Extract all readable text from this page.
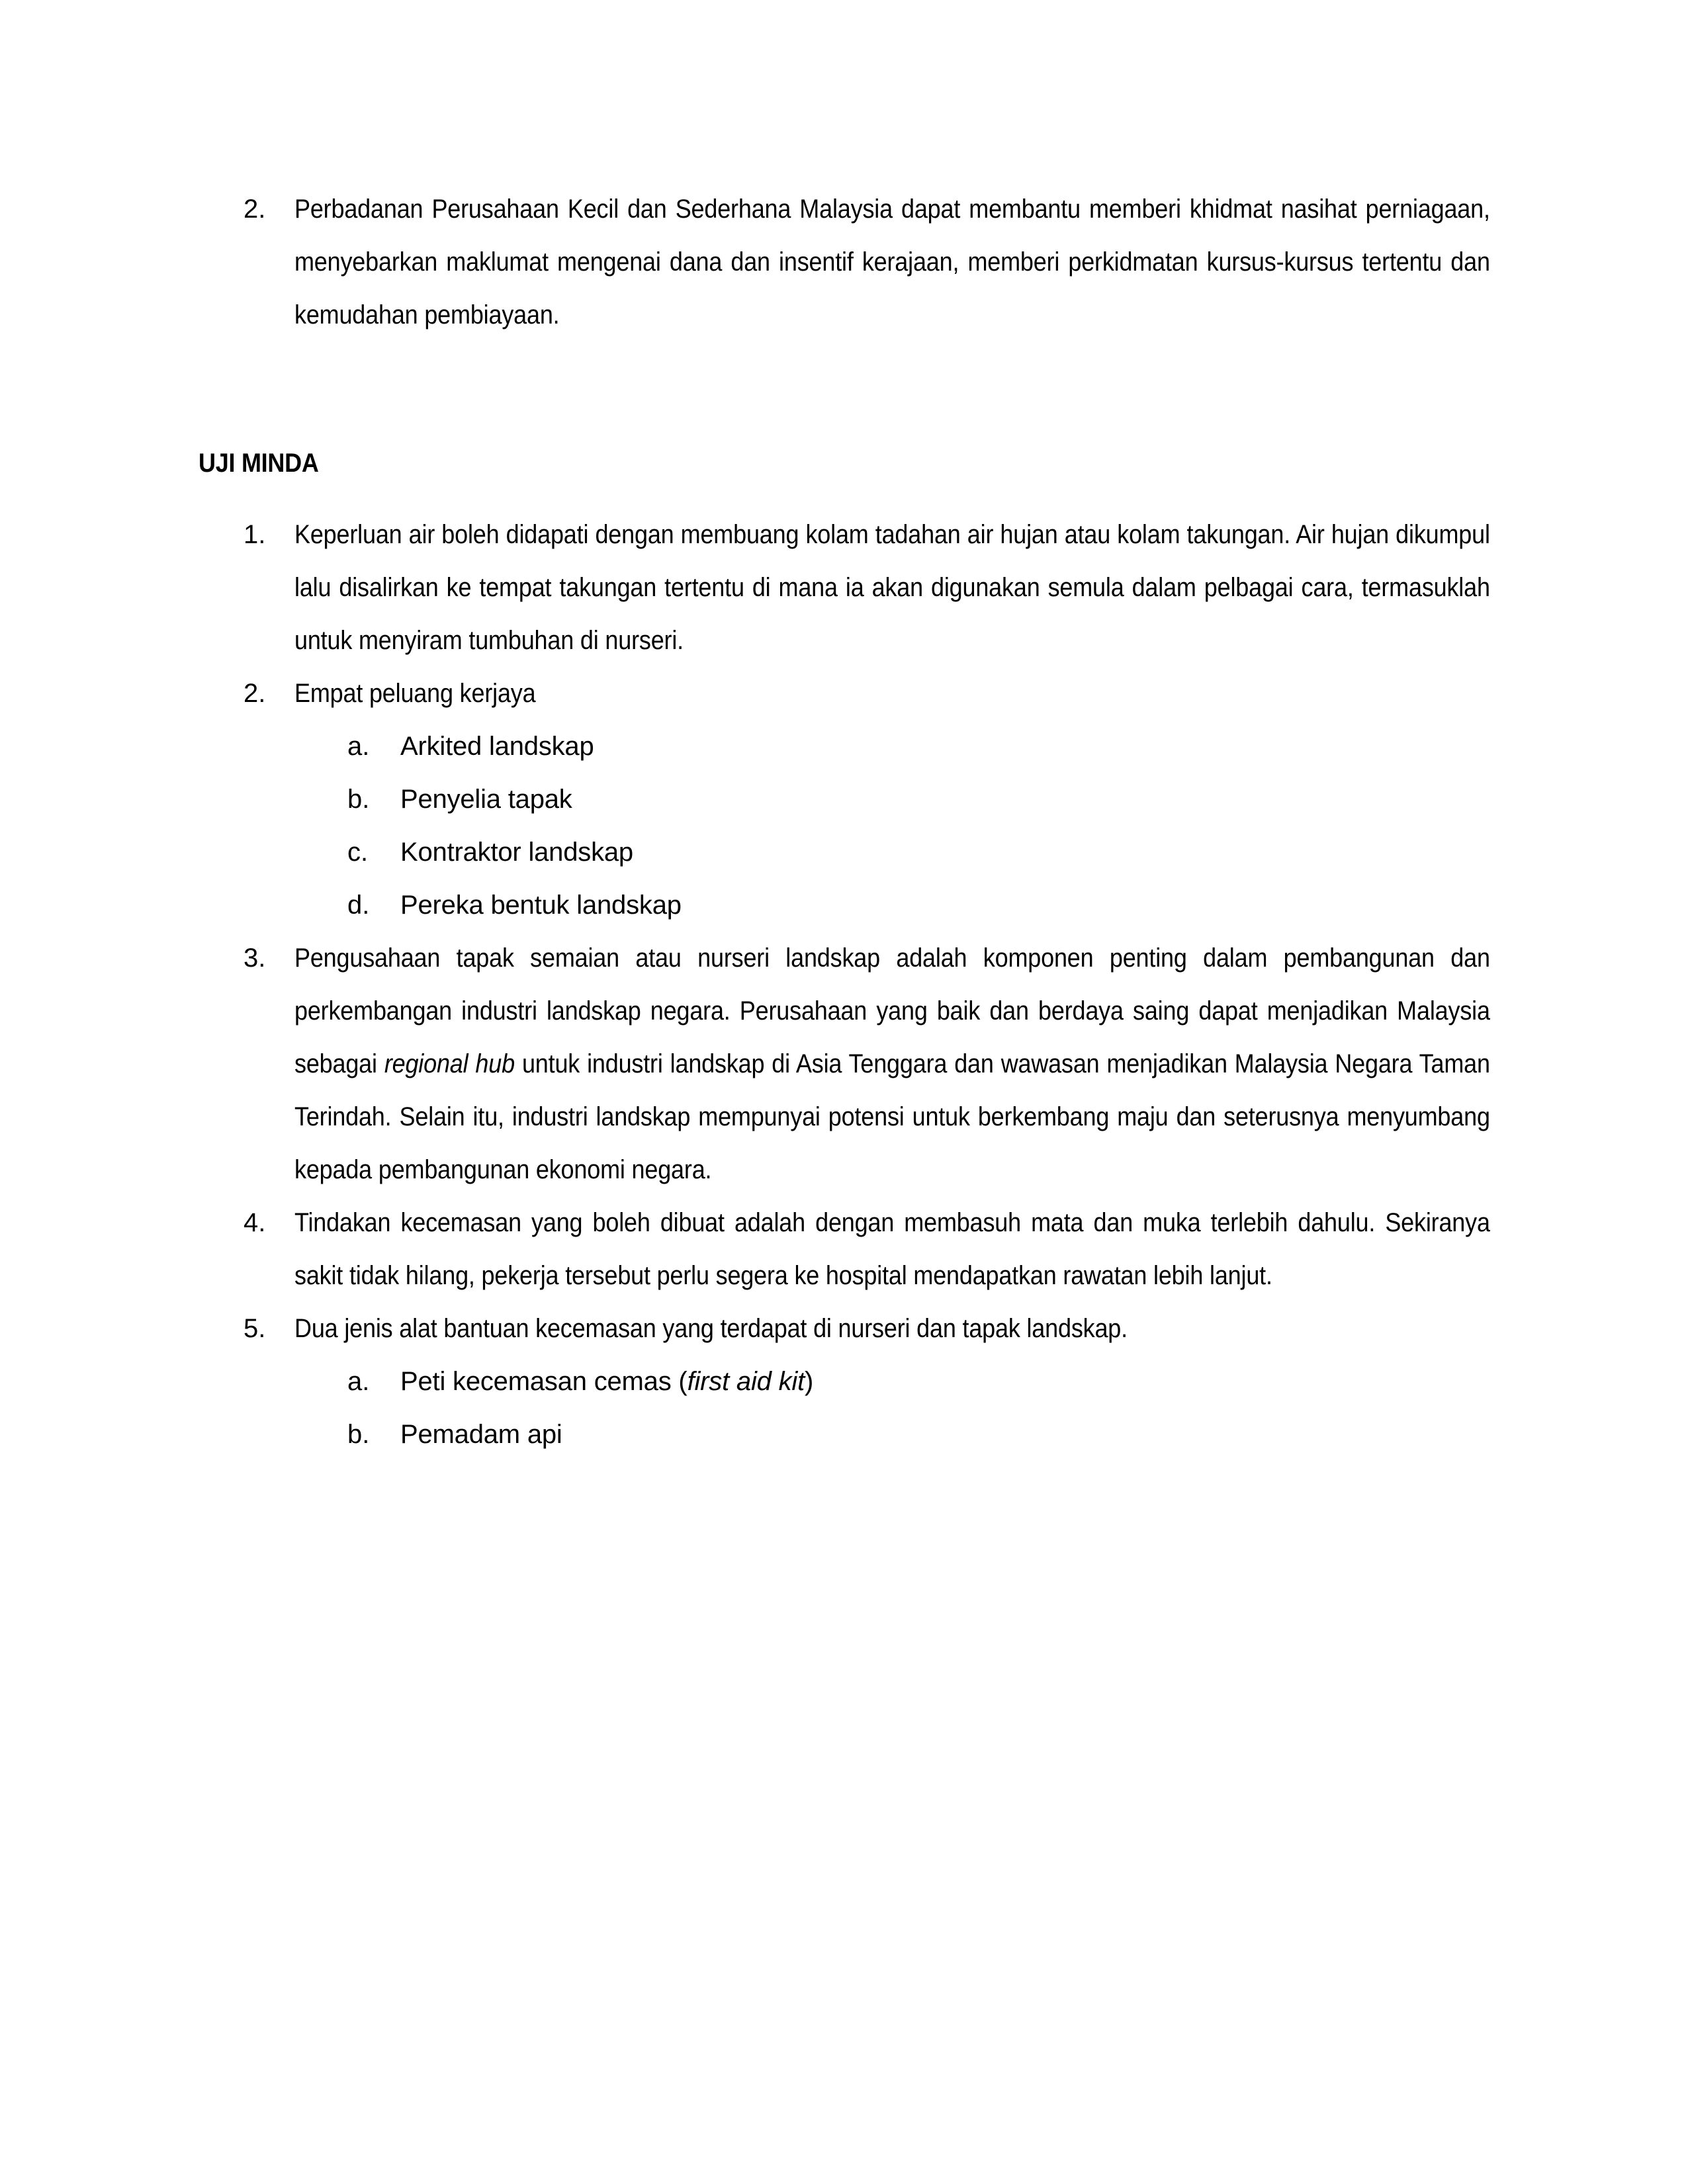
2.	Perbadanan Perusahaan Kecil dan Sederhana Malaysia dapat membantu memberi khidmat nasihat perniagaan, menyebarkan maklumat mengenai dana dan insentif kerajaan, memberi perkidmatan kursus-kursus tertentu dan kemudahan pembiayaan.
UJI MINDA
1.	Keperluan air boleh didapati dengan membuang kolam tadahan air hujan atau kolam takungan. Air hujan dikumpul lalu disalirkan ke tempat takungan tertentu di mana ia akan digunakan semula dalam pelbagai cara, termasuklah untuk menyiram tumbuhan di nurseri.
2.	Empat peluang kerjaya
a.	Arkited landskap
b.	Penyelia tapak
c.	Kontraktor landskap
d.	Pereka bentuk landskap
3.	Pengusahaan tapak semaian atau nurseri landskap adalah komponen penting dalam pembangunan dan perkembangan industri landskap negara. Perusahaan yang baik dan berdaya saing dapat menjadikan Malaysia sebagai regional hub untuk industri landskap di Asia Tenggara dan wawasan menjadikan Malaysia Negara Taman Terindah. Selain itu, industri landskap mempunyai potensi untuk berkembang maju dan seterusnya menyumbang kepada pembangunan ekonomi negara.
4.	Tindakan kecemasan yang boleh dibuat adalah dengan membasuh mata dan muka terlebih dahulu. Sekiranya sakit tidak hilang, pekerja tersebut perlu segera ke hospital mendapatkan rawatan lebih lanjut.
5.	Dua jenis alat bantuan kecemasan yang terdapat di nurseri dan tapak landskap.
a.	Peti kecemasan cemas (first aid kit)
b.	Pemadam api
